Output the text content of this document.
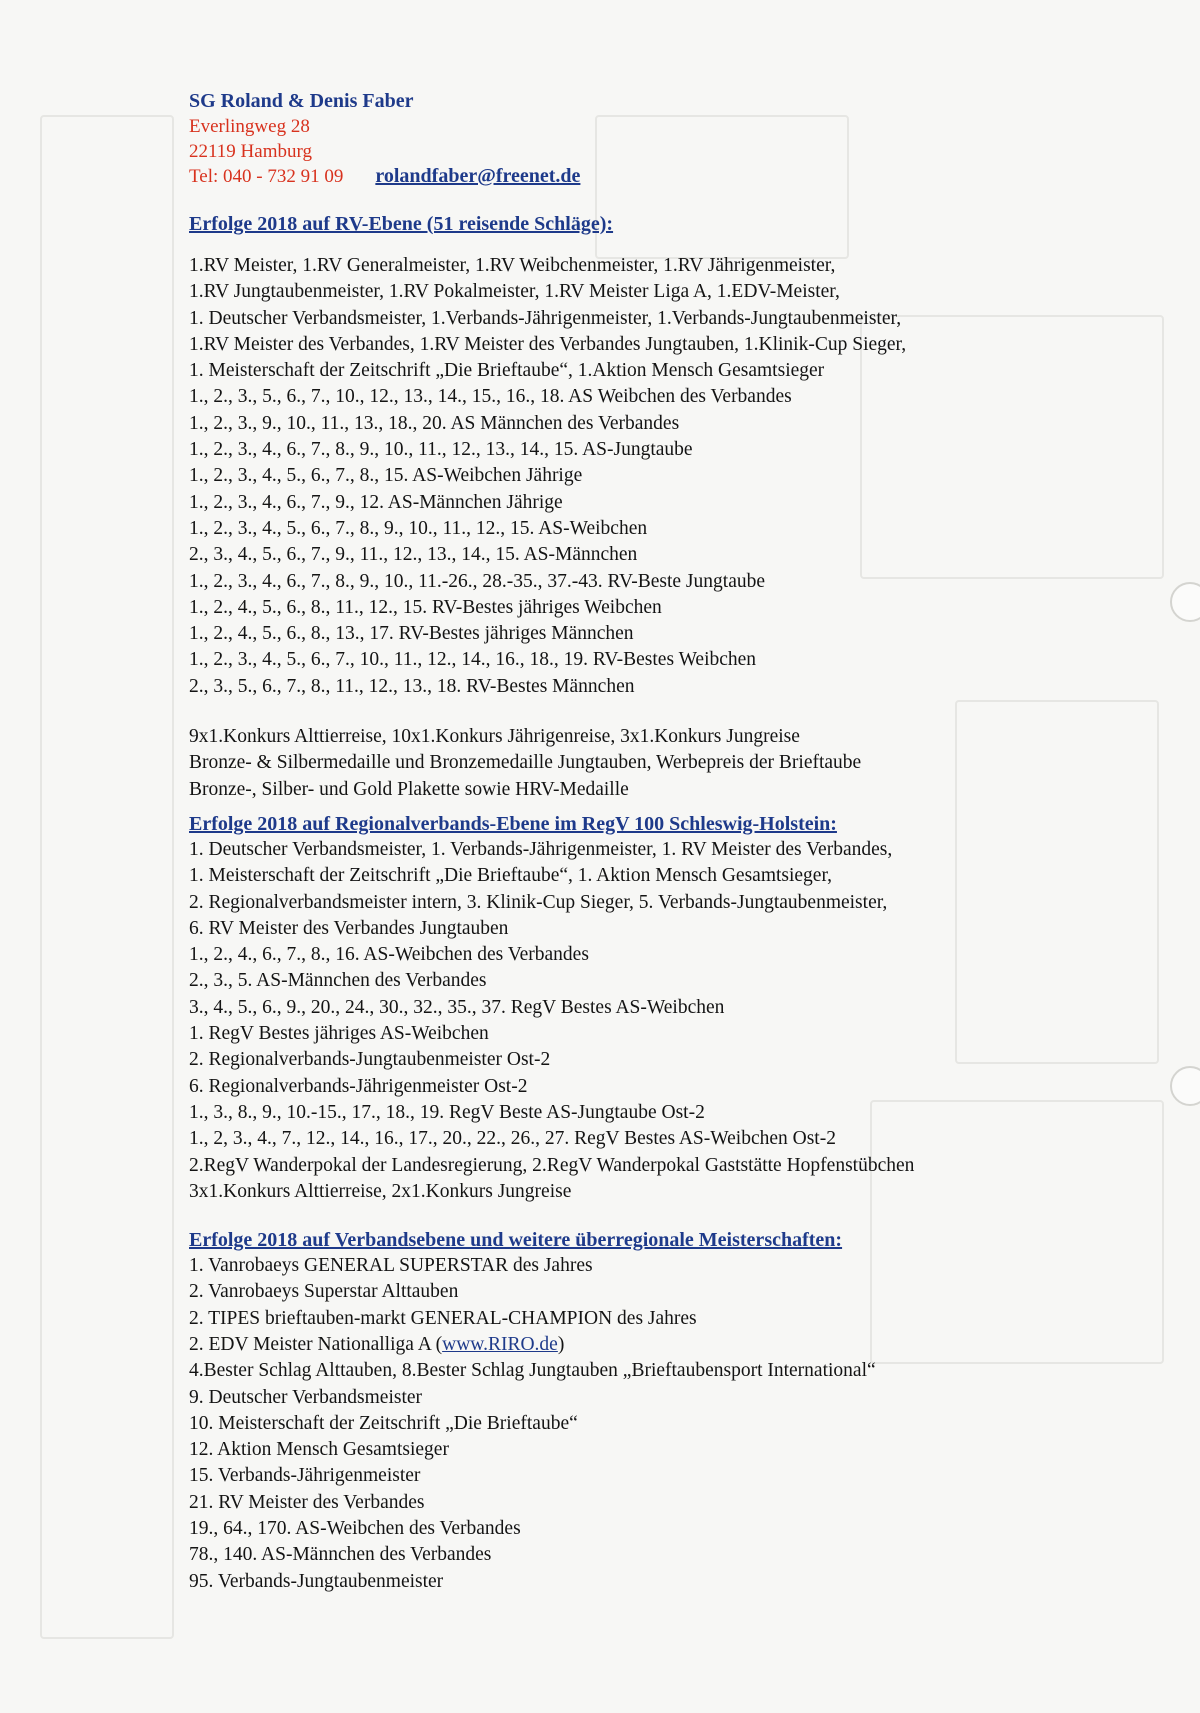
SG Roland & Denis Faber
Everlingweg 28
22119 Hamburg
Tel: 040 - 732 91 09 rolandfaber@freenet.de
Erfolge 2018 auf RV-Ebene (51 reisende Schläge):
1.RV Meister, 1.RV Generalmeister, 1.RV Weibchenmeister, 1.RV Jährigenmeister,
1.RV Jungtaubenmeister, 1.RV Pokalmeister, 1.RV Meister Liga A, 1.EDV-Meister,
1. Deutscher Verbandsmeister, 1.Verbands-Jährigenmeister, 1.Verbands-Jungtaubenmeister,
1.RV Meister des Verbandes, 1.RV Meister des Verbandes Jungtauben, 1.Klinik-Cup Sieger,
1. Meisterschaft der Zeitschrift „Die Brieftaube“, 1.Aktion Mensch Gesamtsieger
1., 2., 3., 5., 6., 7., 10., 12., 13., 14., 15., 16., 18. AS Weibchen des Verbandes
1., 2., 3., 9., 10., 11., 13., 18., 20. AS Männchen des Verbandes
1., 2., 3., 4., 6., 7., 8., 9., 10., 11., 12., 13., 14., 15. AS-Jungtaube
1., 2., 3., 4., 5., 6., 7., 8., 15. AS-Weibchen Jährige
1., 2., 3., 4., 6., 7., 9., 12. AS-Männchen Jährige
1., 2., 3., 4., 5., 6., 7., 8., 9., 10., 11., 12., 15. AS-Weibchen
2., 3., 4., 5., 6., 7., 9., 11., 12., 13., 14., 15. AS-Männchen
1., 2., 3., 4., 6., 7., 8., 9., 10., 11.-26., 28.-35., 37.-43. RV-Beste Jungtaube
1., 2., 4., 5., 6., 8., 11., 12., 15. RV-Bestes jähriges Weibchen
1., 2., 4., 5., 6., 8., 13., 17. RV-Bestes jähriges Männchen
1., 2., 3., 4., 5., 6., 7., 10., 11., 12., 14., 16., 18., 19. RV-Bestes Weibchen
2., 3., 5., 6., 7., 8., 11., 12., 13., 18. RV-Bestes Männchen
9x1.Konkurs Alttierreise, 10x1.Konkurs Jährigenreise, 3x1.Konkurs Jungreise
Bronze- & Silbermedaille und Bronzemedaille Jungtauben, Werbepreis der Brieftaube
Bronze-, Silber- und Gold Plakette sowie HRV-Medaille
Erfolge 2018 auf Regionalverbands-Ebene im RegV 100 Schleswig-Holstein:
1. Deutscher Verbandsmeister, 1. Verbands-Jährigenmeister, 1. RV Meister des Verbandes,
1. Meisterschaft der Zeitschrift „Die Brieftaube“, 1. Aktion Mensch Gesamtsieger,
2. Regionalverbandsmeister intern, 3. Klinik-Cup Sieger, 5. Verbands-Jungtaubenmeister,
6. RV Meister des Verbandes Jungtauben
1., 2., 4., 6., 7., 8., 16. AS-Weibchen des Verbandes
2., 3., 5. AS-Männchen des Verbandes
3., 4., 5., 6., 9., 20., 24., 30., 32., 35., 37. RegV Bestes AS-Weibchen
1. RegV Bestes jähriges AS-Weibchen
2. Regionalverbands-Jungtaubenmeister Ost-2
6. Regionalverbands-Jährigenmeister Ost-2
1., 3., 8., 9., 10.-15., 17., 18., 19. RegV Beste AS-Jungtaube Ost-2
1., 2, 3., 4., 7., 12., 14., 16., 17., 20., 22., 26., 27. RegV Bestes AS-Weibchen Ost-2
2.RegV Wanderpokal der Landesregierung, 2.RegV Wanderpokal Gaststätte Hopfenstübchen
3x1.Konkurs Alttierreise, 2x1.Konkurs Jungreise
Erfolge 2018 auf Verbandsebene und weitere überregionale Meisterschaften:
1. Vanrobaeys GENERAL SUPERSTAR des Jahres
2. Vanrobaeys Superstar Alttauben
2. TIPES brieftauben-markt GENERAL-CHAMPION des Jahres
2. EDV Meister Nationalliga A (www.RIRO.de)
4.Bester Schlag Alttauben, 8.Bester Schlag Jungtauben „Brieftaubensport International“
9. Deutscher Verbandsmeister
10. Meisterschaft der Zeitschrift „Die Brieftaube“
12. Aktion Mensch Gesamtsieger
15. Verbands-Jährigenmeister
21. RV Meister des Verbandes
19., 64., 170. AS-Weibchen des Verbandes
78., 140. AS-Männchen des Verbandes
95. Verbands-Jungtaubenmeister
